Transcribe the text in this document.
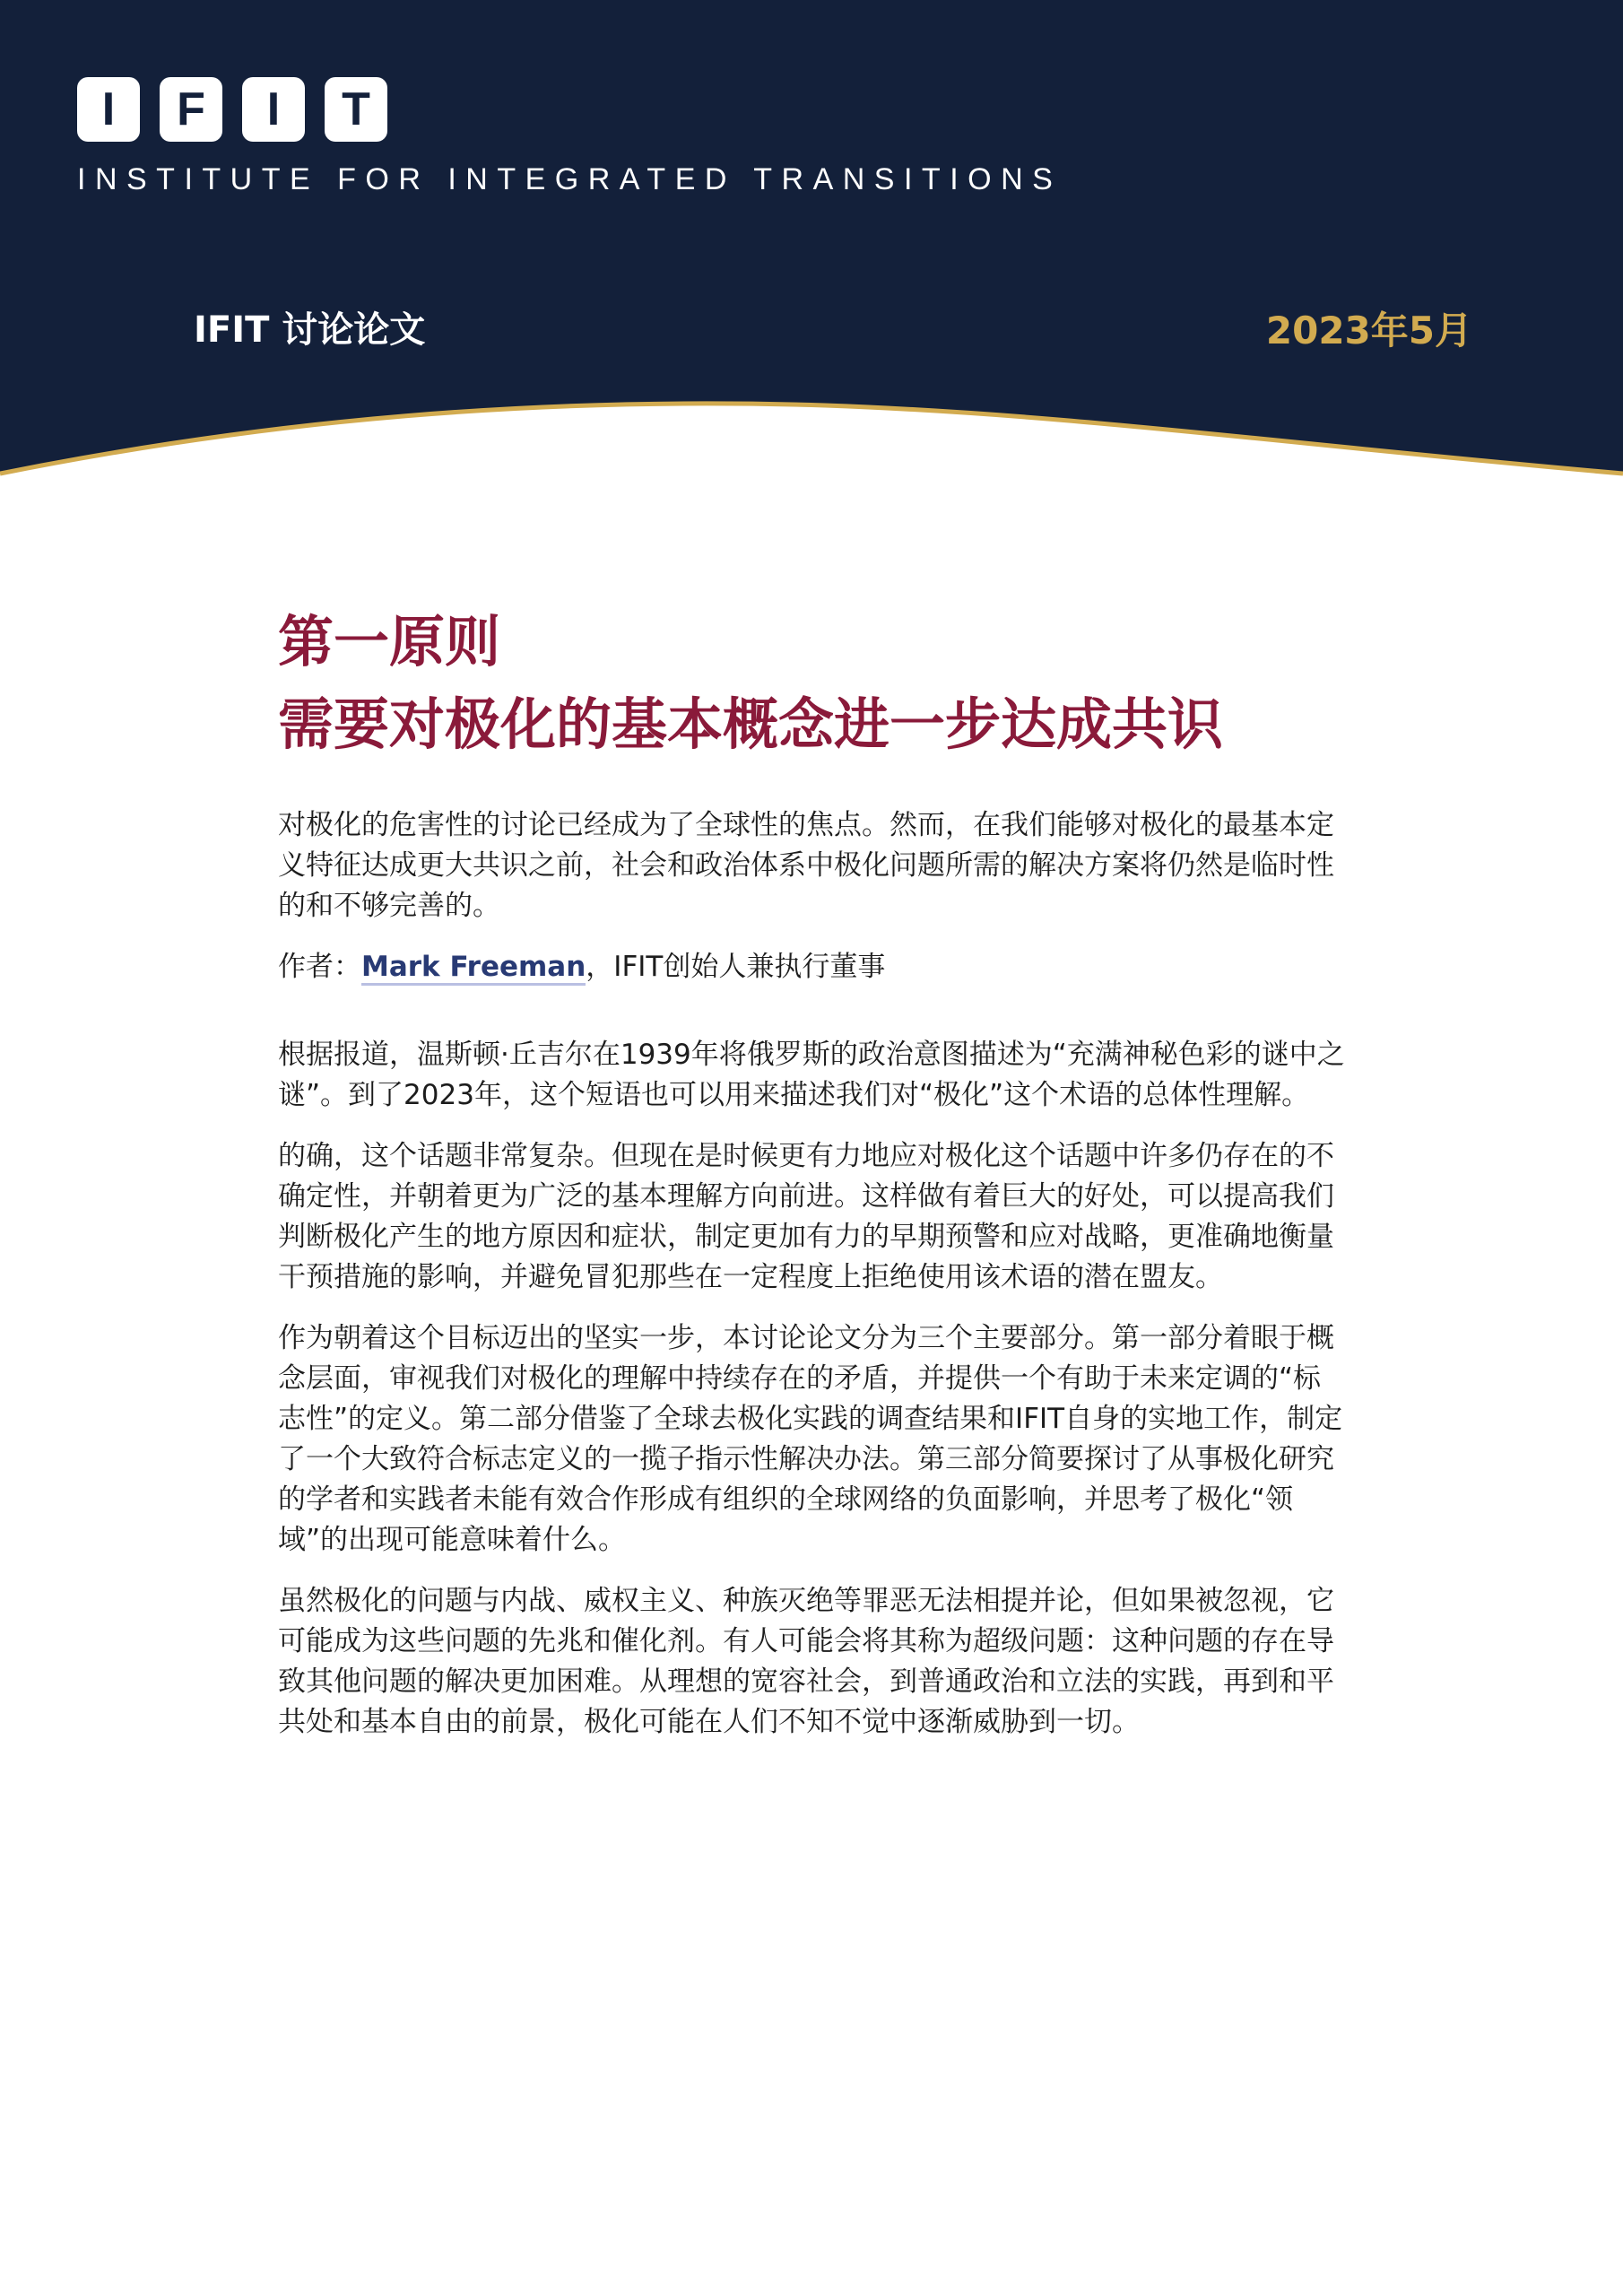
I	F	I	T
INSTITUTE FOR INTEGRATED TRANSITIONS
IFIT 讨论论文	2023年5月
第一原则
需要对极化的基本概念进一步达成共识

对极化的危害性的讨论已经成为了全球性的焦点。然而，在我们能够对极化的最基本定义特征达成更大共识之前，社会和政治体系中极化问题所需的解决方案将仍然是临时性的和不够完善的。

作者：Mark Freeman，IFIT创始人兼执行董事

根据报道，温斯顿·丘吉尔在1939年将俄罗斯的政治意图描述为“充满神秘色彩的谜中之谜”。到了2023年，这个短语也可以用来描述我们对“极化”这个术语的总体性理解。

的确，这个话题非常复杂。但现在是时候更有力地应对极化这个话题中许多仍存在的不确定性，并朝着更为广泛的基本理解方向前进。这样做有着巨大的好处，可以提高我们判断极化产生的地方原因和症状，制定更加有力的早期预警和应对战略，更准确地衡量干预措施的影响，并避免冒犯那些在一定程度上拒绝使用该术语的潜在盟友。

作为朝着这个目标迈出的坚实一步，本讨论论文分为三个主要部分。第一部分着眼于概念层面，审视我们对极化的理解中持续存在的矛盾，并提供一个有助于未来定调的“标志性”的定义。第二部分借鉴了全球去极化实践的调查结果和IFIT自身的实地工作，制定了一个大致符合标志定义的一揽子指示性解决办法。第三部分简要探讨了从事极化研究的学者和实践者未能有效合作形成有组织的全球网络的负面影响，并思考了极化“领域”的出现可能意味着什么。

虽然极化的问题与内战、威权主义、种族灭绝等罪恶无法相提并论，但如果被忽视，它可能成为这些问题的先兆和催化剂。有人可能会将其称为超级问题：这种问题的存在导致其他问题的解决更加困难。从理想的宽容社会，到普通政治和立法的实践，再到和平共处和基本自由的前景，极化可能在人们不知不觉中逐渐威胁到一切。
